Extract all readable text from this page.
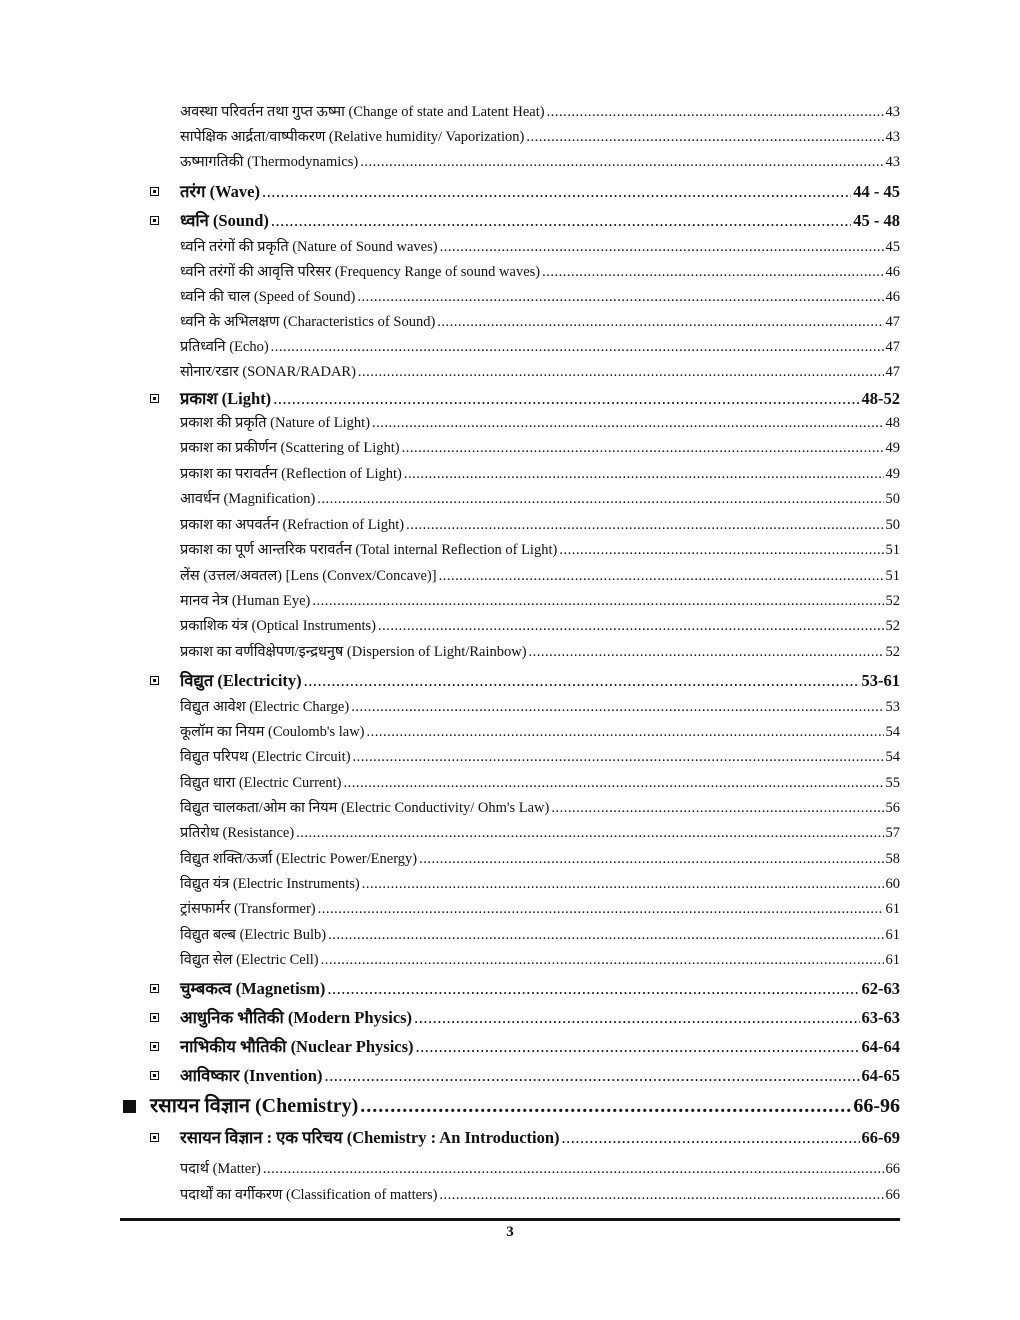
अवस्था परिवर्तन तथा गुप्त ऊष्मा (Change of state and Latent Heat) .....	43
सापेक्षिक आर्द्रता/वाष्पीकरण (Relative humidity/ Vaporization) .....	43
ऊष्मागतिकी (Thermodynamics) .....	43
तरंग (Wave) .....	44 - 45
ध्वनि (Sound) .....	45 - 48
ध्वनि तरंगों की प्रकृति (Nature of Sound waves) .....	45
ध्वनि तरंगों की आवृत्ति परिसर (Frequency Range of sound waves) .....	46
ध्वनि की चाल (Speed of Sound) .....	46
ध्वनि के अभिलक्षण (Characteristics of Sound) .....	47
प्रतिध्वनि (Echo) .....	47
सोनार/रडार (SONAR/RADAR) .....	47
प्रकाश (Light) .....	48-52
प्रकाश की प्रकृति (Nature of Light) .....	48
प्रकाश का प्रकीर्णन (Scattering of Light) .....	49
प्रकाश का परावर्तन (Reflection of Light) .....	49
आवर्धन (Magnification) .....	50
प्रकाश का अपवर्तन (Refraction of Light) .....	50
प्रकाश का पूर्ण आन्तरिक परावर्तन (Total internal Reflection of Light) .....	51
लेंस (उत्तल/अवतल) [Lens (Convex/Concave)] .....	51
मानव नेत्र (Human Eye) .....	52
प्रकाशिक यंत्र (Optical Instruments) .....	52
प्रकाश का वर्णविक्षेपण/इन्द्रधनुष (Dispersion of Light/Rainbow) .....	52
विद्युत (Electricity) .....	53-61
विद्युत आवेश (Electric Charge) .....	53
कूलॉम का नियम (Coulomb's law) .....	54
विद्युत परिपथ (Electric Circuit) .....	54
विद्युत धारा (Electric Current) .....	55
विद्युत चालकता/ओम का नियम (Electric Conductivity/ Ohm's Law) .....	56
प्रतिरोध (Resistance) .....	57
विद्युत शक्ति/ऊर्जा (Electric Power/Energy) .....	58
विद्युत यंत्र (Electric Instruments) .....	60
ट्रांसफार्मर (Transformer) .....	61
विद्युत बल्ब (Electric Bulb) .....	61
विद्युत सेल (Electric Cell) .....	61
चुम्बकत्व (Magnetism) .....	62-63
आधुनिक भौतिकी (Modern Physics) .....	63-63
नाभिकीय भौतिकी (Nuclear Physics) .....	64-64
आविष्कार (Invention) .....	64-65
रसायन विज्ञान (Chemistry) .....	66-96
रसायन विज्ञान : एक परिचय (Chemistry : An Introduction) .....	66-69
पदार्थ (Matter) .....	66
पदार्थों का वर्गीकरण (Classification of matters) .....	66
3
